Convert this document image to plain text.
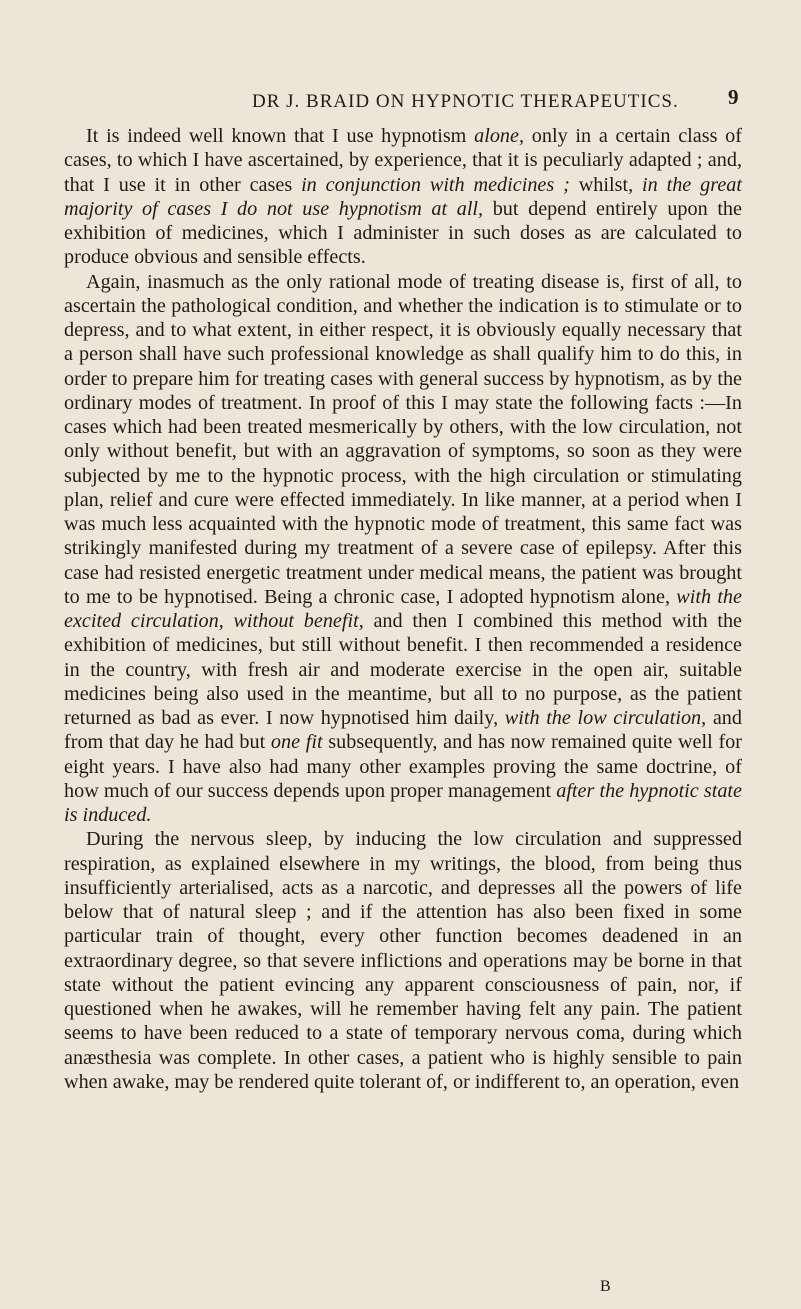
DR J. BRAID ON HYPNOTIC THERAPEUTICS. 9

It is indeed well known that I use hypnotism alone, only in a certain class of cases, to which I have ascertained, by experience, that it is peculiarly adapted ; and, that I use it in other cases in conjunction with medicines ; whilst, in the great majority of cases I do not use hypnotism at all, but depend entirely upon the exhibition of medicines, which I administer in such doses as are calculated to produce obvious and sensible effects.

Again, inasmuch as the only rational mode of treating disease is, first of all, to ascertain the pathological condition, and whether the indication is to stimulate or to depress, and to what extent, in either respect, it is obviously equally necessary that a person shall have such professional knowledge as shall qualify him to do this, in order to prepare him for treating cases with general success by hypnotism, as by the ordinary modes of treatment. In proof of this I may state the following facts :—In cases which had been treated mesmerically by others, with the low circulation, not only without benefit, but with an aggravation of symptoms, so soon as they were subjected by me to the hypnotic process, with the high circulation or stimulating plan, relief and cure were effected immediately. In like manner, at a period when I was much less acquainted with the hypnotic mode of treatment, this same fact was strikingly manifested during my treatment of a severe case of epilepsy. After this case had resisted energetic treatment under medical means, the patient was brought to me to be hypnotised. Being a chronic case, I adopted hypnotism alone, with the excited circulation, without benefit, and then I combined this method with the exhibition of medicines, but still without benefit. I then recommended a residence in the country, with fresh air and moderate exercise in the open air, suitable medicines being also used in the meantime, but all to no purpose, as the patient returned as bad as ever. I now hypnotised him daily, with the low circulation, and from that day he had but one fit subsequently, and has now remained quite well for eight years. I have also had many other examples proving the same doctrine, of how much of our success depends upon proper management after the hypnotic state is induced.

During the nervous sleep, by inducing the low circulation and suppressed respiration, as explained elsewhere in my writings, the blood, from being thus insufficiently arterialised, acts as a narcotic, and depresses all the powers of life below that of natural sleep ; and if the attention has also been fixed in some particular train of thought, every other function becomes deadened in an extraordinary degree, so that severe inflictions and operations may be borne in that state without the patient evincing any apparent consciousness of pain, nor, if questioned when he awakes, will he remember having felt any pain. The patient seems to have been reduced to a state of temporary nervous coma, during which anæsthesia was complete. In other cases, a patient who is highly sensible to pain when awake, may be rendered quite tolerant of, or indifferent to, an operation, even

B
